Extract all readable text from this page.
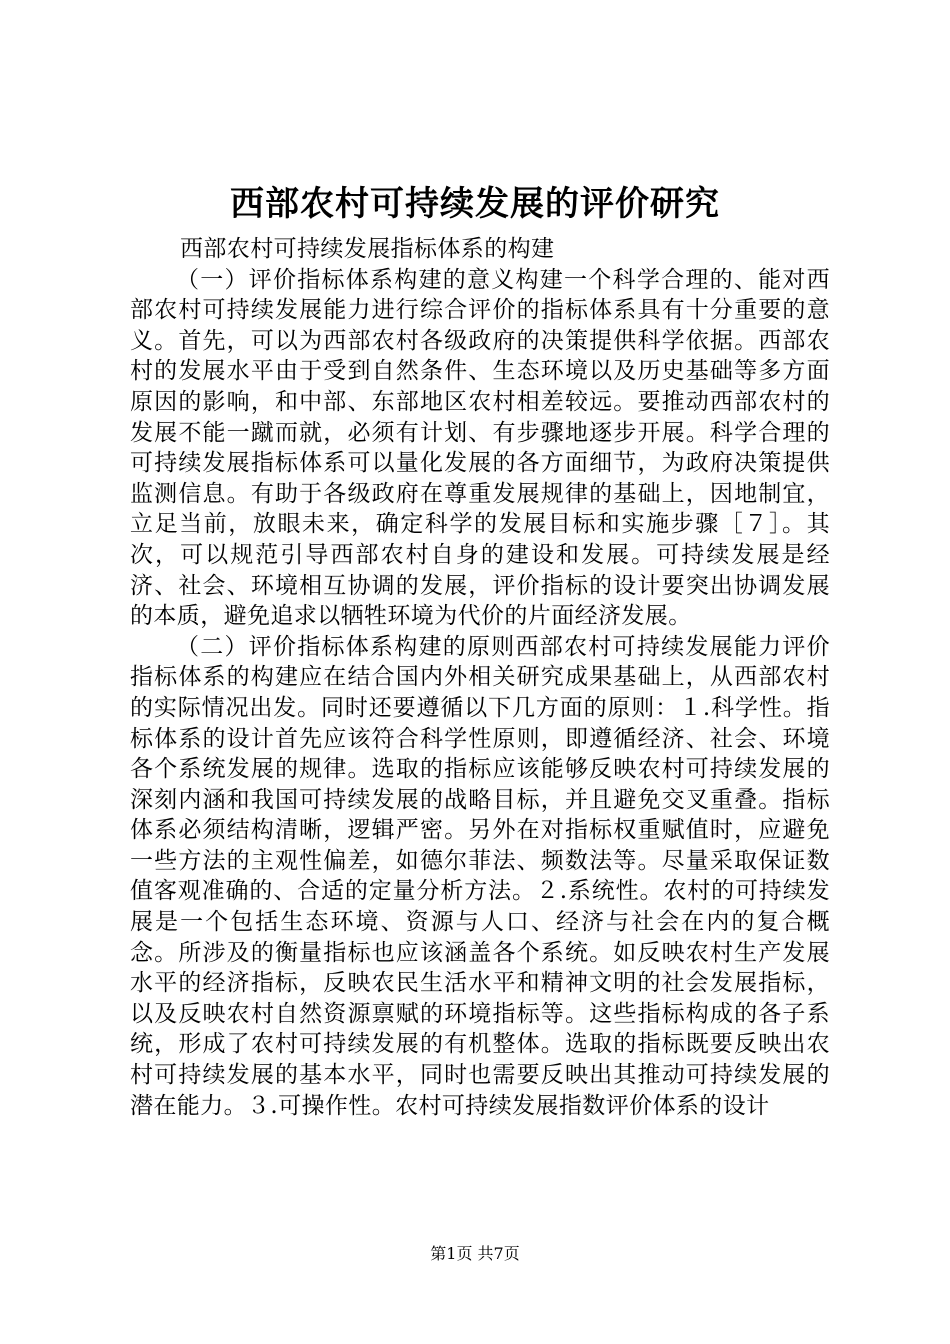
西部农村可持续发展的评价研究

西部农村可持续发展指标体系的构建

（一）评价指标体系构建的意义构建一个科学合理的、能对西部农村可持续发展能力进行综合评价的指标体系具有十分重要的意义。首先，可以为西部农村各级政府的决策提供科学依据。西部农村的发展水平由于受到自然条件、生态环境以及历史基础等多方面原因的影响，和中部、东部地区农村相差较远。要推动西部农村的发展不能一蹴而就，必须有计划、有步骤地逐步开展。科学合理的可持续发展指标体系可以量化发展的各方面细节，为政府决策提供监测信息。有助于各级政府在尊重发展规律的基础上，因地制宜，立足当前，放眼未来，确定科学的发展目标和实施步骤［７］。其次，可以规范引导西部农村自身的建设和发展。可持续发展是经济、社会、环境相互协调的发展，评价指标的设计要突出协调发展的本质，避免追求以牺牲环境为代价的片面经济发展。

（二）评价指标体系构建的原则西部农村可持续发展能力评价指标体系的构建应在结合国内外相关研究成果基础上，从西部农村的实际情况出发。同时还要遵循以下几方面的原则：１.科学性。指标体系的设计首先应该符合科学性原则，即遵循经济、社会、环境各个系统发展的规律。选取的指标应该能够反映农村可持续发展的深刻内涵和我国可持续发展的战略目标，并且避免交叉重叠。指标体系必须结构清晰，逻辑严密。另外在对指标权重赋值时，应避免一些方法的主观性偏差，如德尔菲法、频数法等。尽量采取保证数值客观准确的、合适的定量分析方法。２.系统性。农村的可持续发展是一个包括生态环境、资源与人口、经济与社会在内的复合概念。所涉及的衡量指标也应该涵盖各个系统。如反映农村生产发展水平的经济指标，反映农民生活水平和精神文明的社会发展指标，以及反映农村自然资源禀赋的环境指标等。这些指标构成的各子系统，形成了农村可持续发展的有机整体。选取的指标既要反映出农村可持续发展的基本水平，同时也需要反映出其推动可持续发展的潜在能力。３.可操作性。农村可持续发展指数评价体系的设计

第1页 共7页
